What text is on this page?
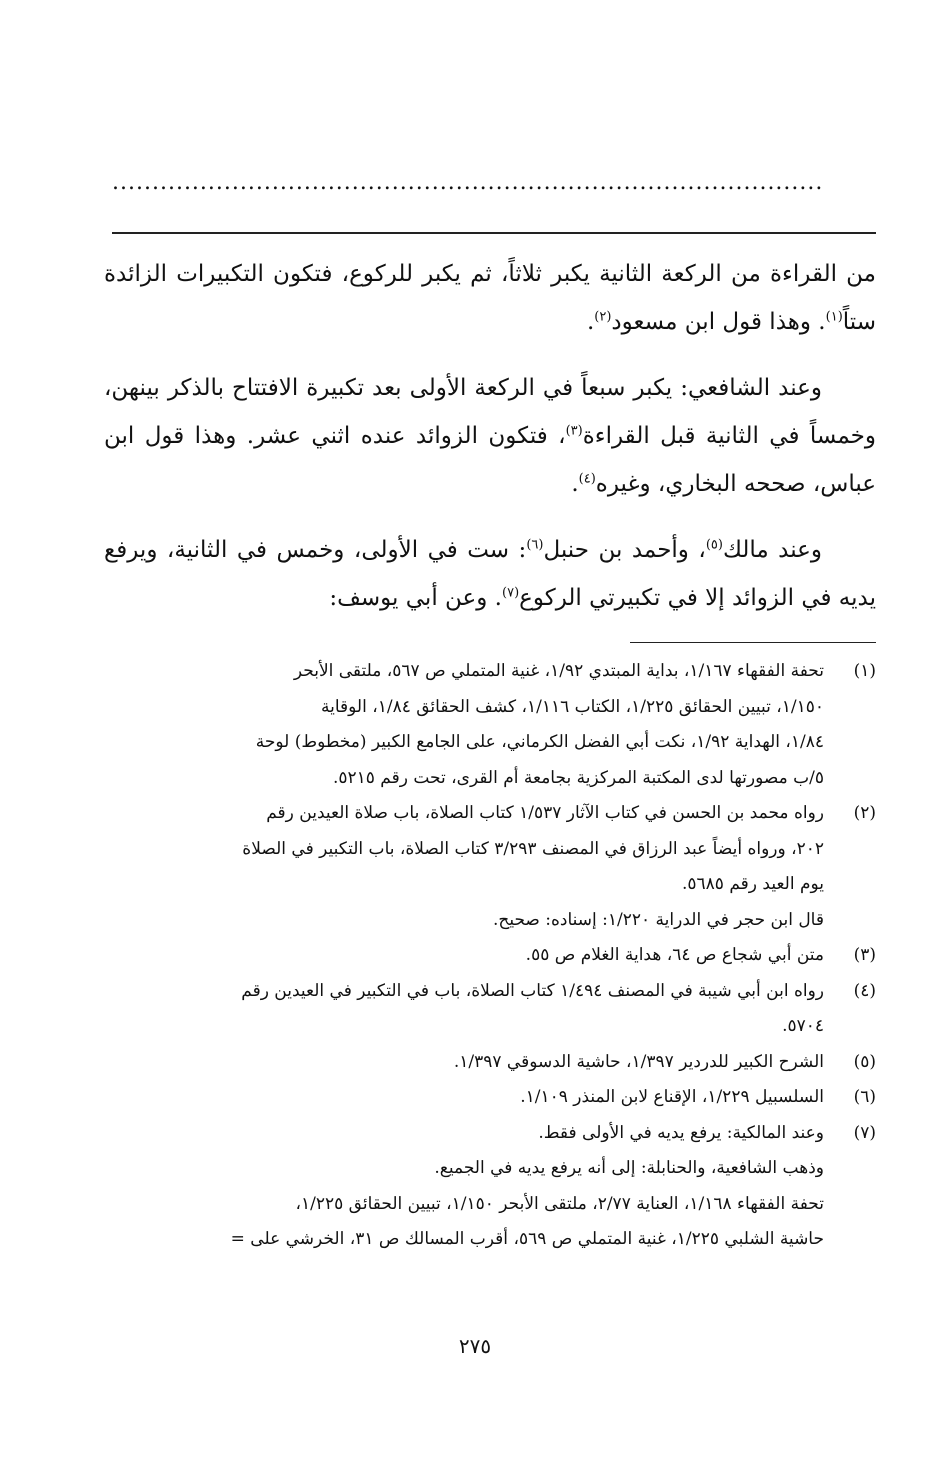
.........................................................................................

من القراءة من الركعة الثانية يكبر ثلاثاً، ثم يكبر للركوع، فتكون التكبيرات الزائدة ستاً$^{(١)}$. وهذا قول ابن مسعود$^{(٢)}$.

وعند الشافعي: يكبر سبعاً في الركعة الأولى بعد تكبيرة الافتتاح بالذكر بينهن، وخمساً في الثانية قبل القراءة$^{(٣)}$، فتكون الزوائد عنده اثني عشر. وهذا قول ابن عباس، صححه البخاري، وغيره$^{(٤)}$.

وعند مالك$^{(٥)}$، وأحمد بن حنبل$^{(٦)}$: ست في الأولى، وخمس في الثانية، ويرفع يديه في الزوائد إلا في تكبيرتي الركوع$^{(٧)}$. وعن أبي يوسف:

(١)
تحفة الفقهاء ١/١٦٧، بداية المبتدي ١/٩٢، غنية المتملي ص ٥٦٧، ملتقى الأبحر
١/١٥٠، تبيين الحقائق ١/٢٢٥، الكتاب ١/١١٦، كشف الحقائق ١/٨٤، الوقاية
١/٨٤، الهداية ١/٩٢، نكت أبي الفضل الكرماني، على الجامع الكبير (مخطوط) لوحة
٥/ب مصورتها لدى المكتبة المركزية بجامعة أم القرى، تحت رقم ٥٢١٥.
(٢)
رواه محمد بن الحسن في كتاب الآثار ١/٥٣٧ كتاب الصلاة، باب صلاة العيدين رقم
٢٠٢، ورواه أيضاً عبد الرزاق في المصنف ٣/٢٩٣ كتاب الصلاة، باب التكبير في الصلاة
يوم العيد رقم ٥٦٨٥.
قال ابن حجر في الدراية ١/٢٢٠: إسناده: صحيح.
(٣)
متن أبي شجاع ص ٦٤، هداية الغلام ص ٥٥.
(٤)
رواه ابن أبي شيبة في المصنف ١/٤٩٤ كتاب الصلاة، باب في التكبير في العيدين رقم
٥٧٠٤.
(٥)
الشرح الكبير للدردير ١/٣٩٧، حاشية الدسوقي ١/٣٩٧.
(٦)
السلسبيل ١/٢٢٩، الإقناع لابن المنذر ١/١٠٩.
(٧)
وعند المالكية: يرفع يديه في الأولى فقط.
وذهب الشافعية، والحنابلة: إلى أنه يرفع يديه في الجميع.
تحفة الفقهاء ١/١٦٨، العناية ٢/٧٧، ملتقى الأبحر ١/١٥٠، تبيين الحقائق ١/٢٢٥،
حاشية الشلبي ١/٢٢٥، غنية المتملي ص ٥٦٩، أقرب المسالك ص ٣١، الخرشي على =
٢٧٥
